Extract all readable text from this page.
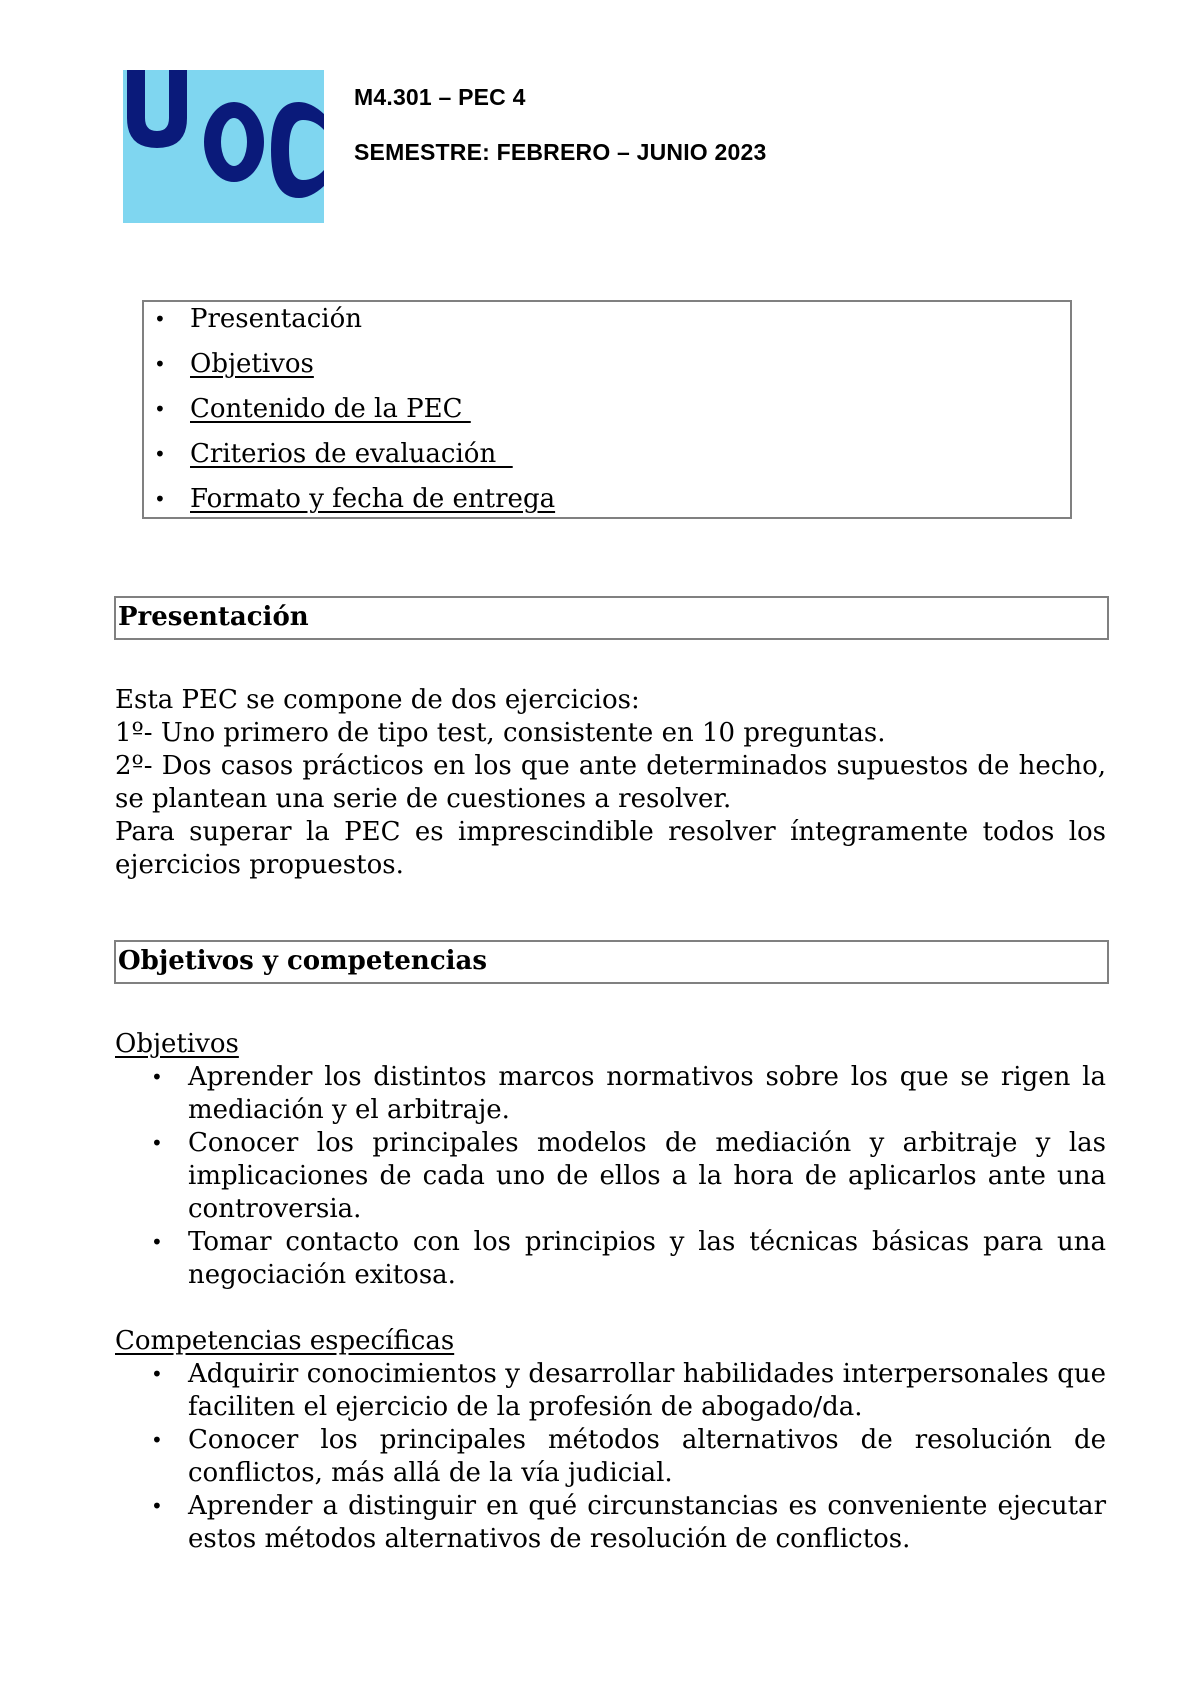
M4.301 – PEC 4
SEMESTRE: FEBRERO – JUNIO 2023
• Presentación
• Objetivos
• Contenido de la PEC
• Criterios de evaluación
• Formato y fecha de entrega
Presentación

Esta PEC se compone de dos ejercicios:

1º- Uno primero de tipo test, consistente en 10 preguntas.

2º- Dos casos prácticos en los que ante determinados supuestos de hecho, se plantean una serie de cuestiones a resolver.

Para superar la PEC es imprescindible resolver íntegramente todos los ejercicios propuestos.

Objetivos y competencias
Objetivos
• Aprender los distintos marcos normativos sobre los que se rigen la mediación y el arbitraje.
• Conocer los principales modelos de mediación y arbitraje y las implicaciones de cada uno de ellos a la hora de aplicarlos ante una controversia.
• Tomar contacto con los principios y las técnicas básicas para una negociación exitosa.
Competencias específicas
• Adquirir conocimientos y desarrollar habilidades interpersonales que faciliten el ejercicio de la profesión de abogado/da.
• Conocer los principales métodos alternativos de resolución de conflictos, más allá de la vía judicial.
• Aprender a distinguir en qué circunstancias es conveniente ejecutar estos métodos alternativos de resolución de conflictos.
